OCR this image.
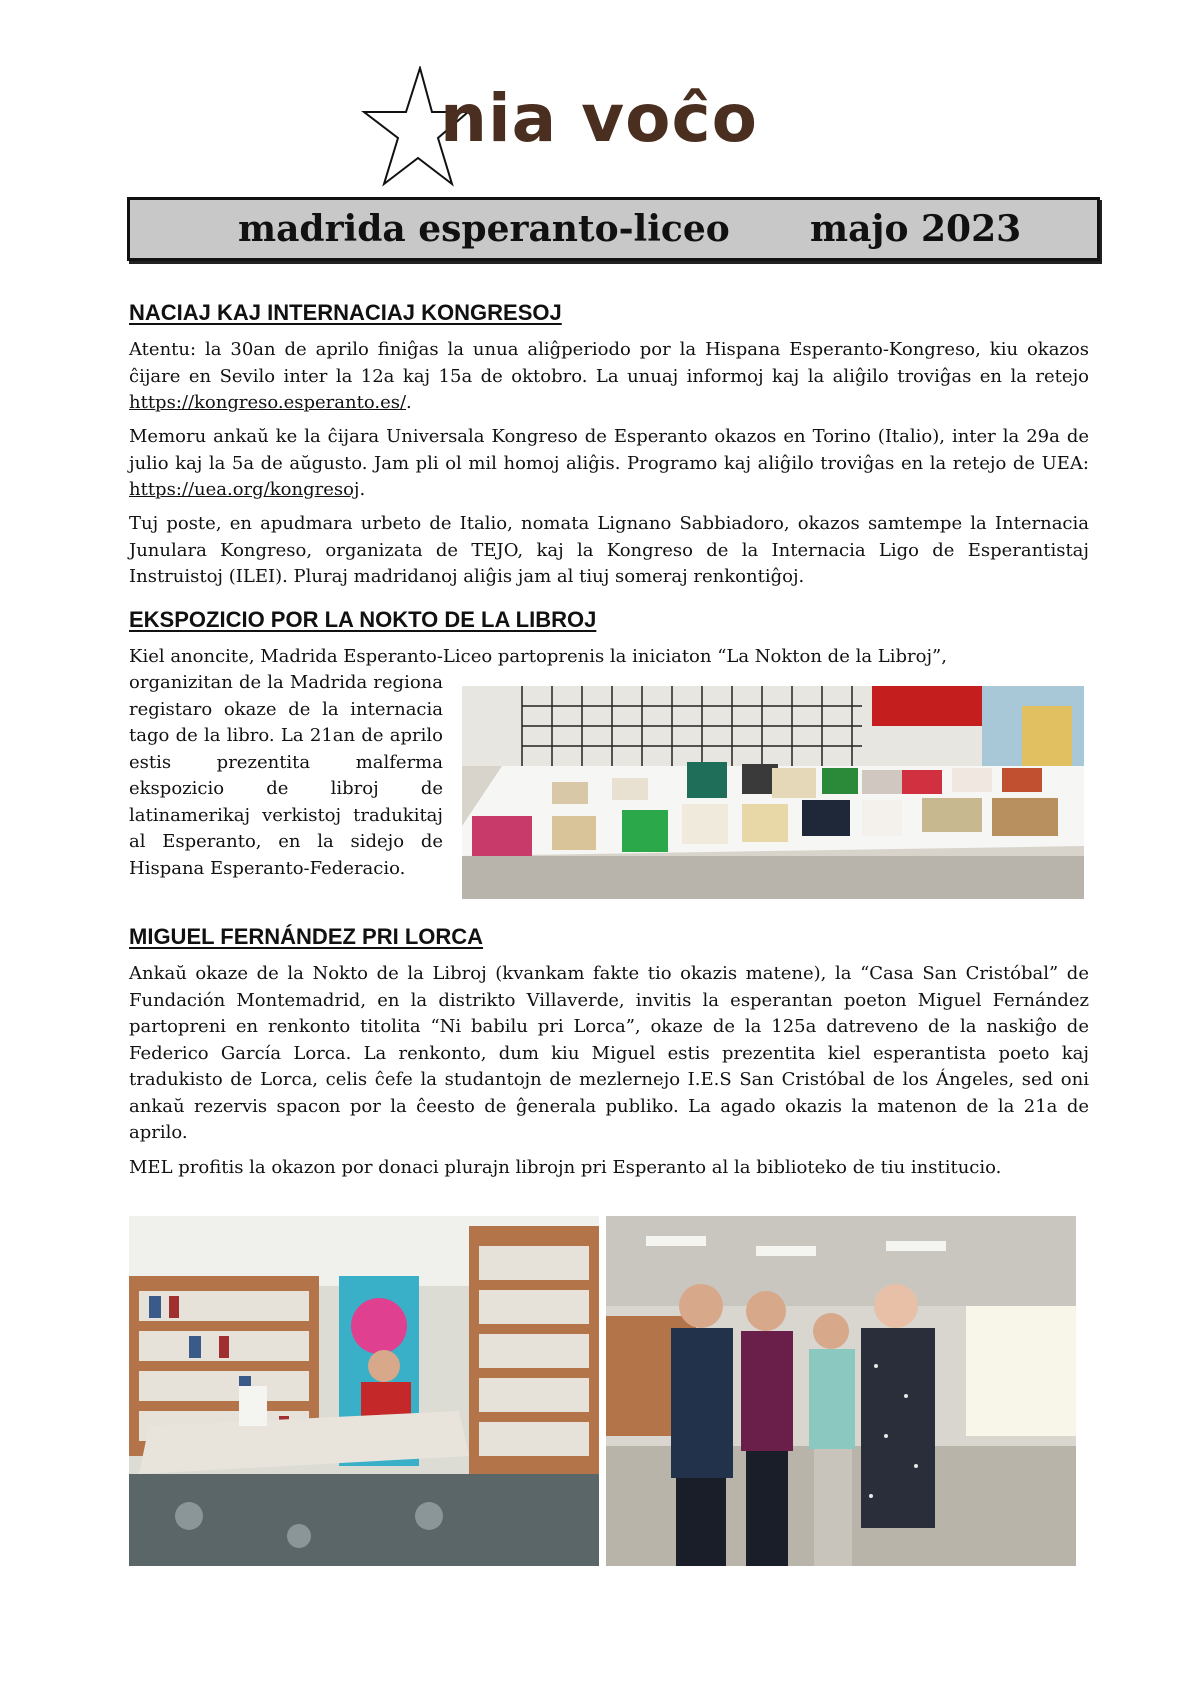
nia voĉo
madrida esperanto-liceo majo 2023
NACIAJ KAJ INTERNACIAJ KONGRESOJ

Atentu: la 30an de aprilo finiĝas la unua aliĝperiodo por la Hispana Esperanto-Kongreso, kiu okazos ĉijare en Sevilo inter la 12a kaj 15a de oktobro. La unuaj informoj kaj la aliĝilo troviĝas en la retejo https://kongreso.esperanto.es/.

Memoru ankaŭ ke la ĉijara Universala Kongreso de Esperanto okazos en Torino (Italio), inter la 29a de julio kaj la 5a de aŭgusto. Jam pli ol mil homoj aliĝis. Programo kaj aliĝilo troviĝas en la retejo de UEA: https://uea.org/kongresoj.

Tuj poste, en apudmara urbeto de Italio, nomata Lignano Sabbiadoro, okazos samtempe la Internacia Junulara Kongreso, organizata de TEJO, kaj la Kongreso de la Internacia Ligo de Esperantistaj Instruistoj (ILEI). Pluraj madridanoj aliĝis jam al tiuj someraj renkontiĝoj.

EKSPOZICIO POR LA NOKTO DE LA LIBROJ

Kiel anoncite, Madrida Esperanto-Liceo partoprenis la iniciaton “La Nokton de la Libroj”,

organizitan de la Madrida regiona registaro okaze de la internacia tago de la libro. La 21an de aprilo estis prezentita malferma ekspozicio de libroj de latinamerikaj verkistoj tradukitaj al Esperanto, en la sidejo de Hispana Esperanto-Federacio.

MIGUEL FERNÁNDEZ PRI LORCA

Ankaŭ okaze de la Nokto de la Libroj (kvankam fakte tio okazis matene), la “Casa San Cristóbal” de Fundación Montemadrid, en la distrikto Villaverde, invitis la esperantan poeton Miguel Fernández partopreni en renkonto titolita “Ni babilu pri Lorca”, okaze de la 125a datreveno de la naskiĝo de Federico García Lorca. La renkonto, dum kiu Miguel estis prezentita kiel esperantista poeto kaj tradukisto de Lorca, celis ĉefe la studantojn de mezlernejo I.E.S San Cristóbal de los Ángeles, sed oni ankaŭ rezervis spacon por la ĉeesto de ĝenerala publiko. La agado okazis la matenon de la 21a de aprilo.

MEL profitis la okazon por donaci plurajn librojn pri Esperanto al la biblioteko de tiu institucio.
